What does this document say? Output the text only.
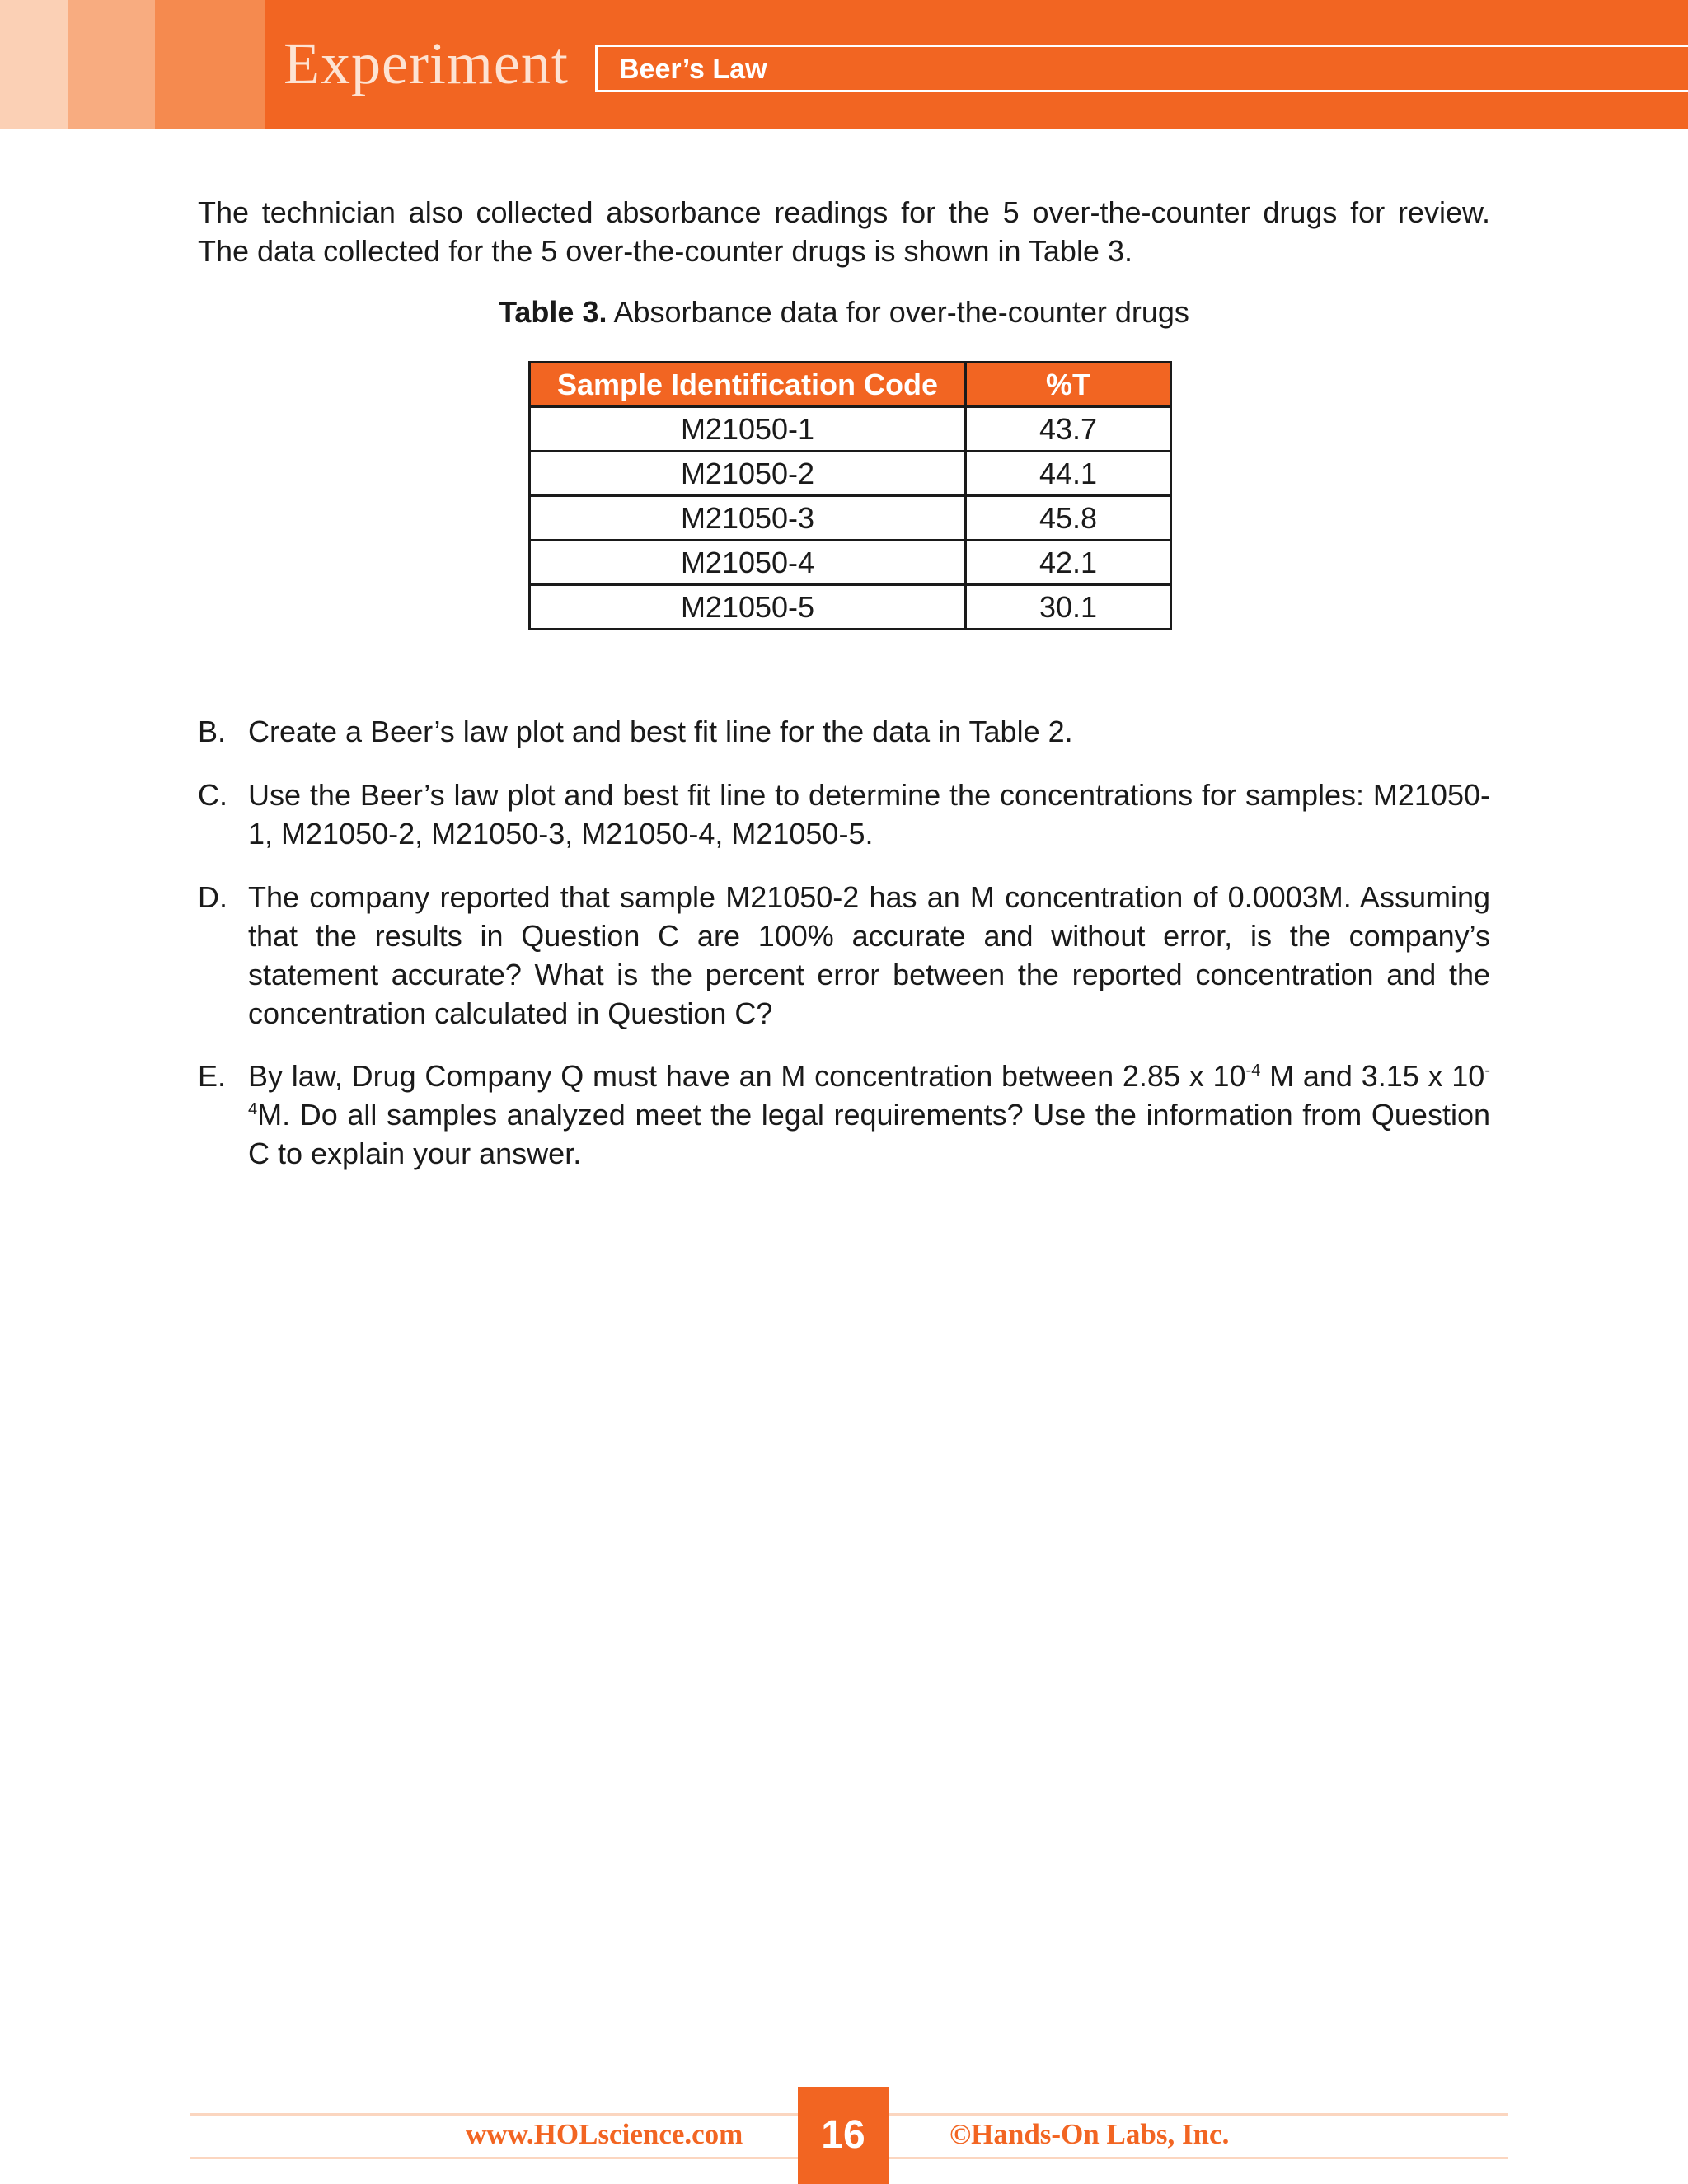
Experiment Beer’s Law

The technician also collected absorbance readings for the 5 over-the-counter drugs for review. The data collected for the 5 over-the-counter drugs is shown in Table 3.

Table 3. Absorbance data for over-the-counter drugs
Sample Identification Code	%T
M21050-1	43.7
M21050-2	44.1
M21050-3	45.8
M21050-4	42.1
M21050-5	30.1
B. Create a Beer’s law plot and best fit line for the data in Table 2.
C. Use the Beer’s law plot and best fit line to determine the concentrations for samples: M21050-1, M21050-2, M21050-3, M21050-4, M21050-5.
D. The company reported that sample M21050-2 has an M concentration of 0.0003M. Assuming that the results in Question C are 100% accurate and without error, is the company’s statement accurate? What is the percent error between the reported concentration and the concentration calculated in Question C?
E. By law, Drug Company Q must have an M concentration between 2.85 x $10^{-4}$ M and 3.15 x $10^{-4}M$. Do all samples analyzed meet the legal requirements? Use the information from Question C to explain your answer.
www.HOLscience.com	16	©Hands-On Labs, Inc.
